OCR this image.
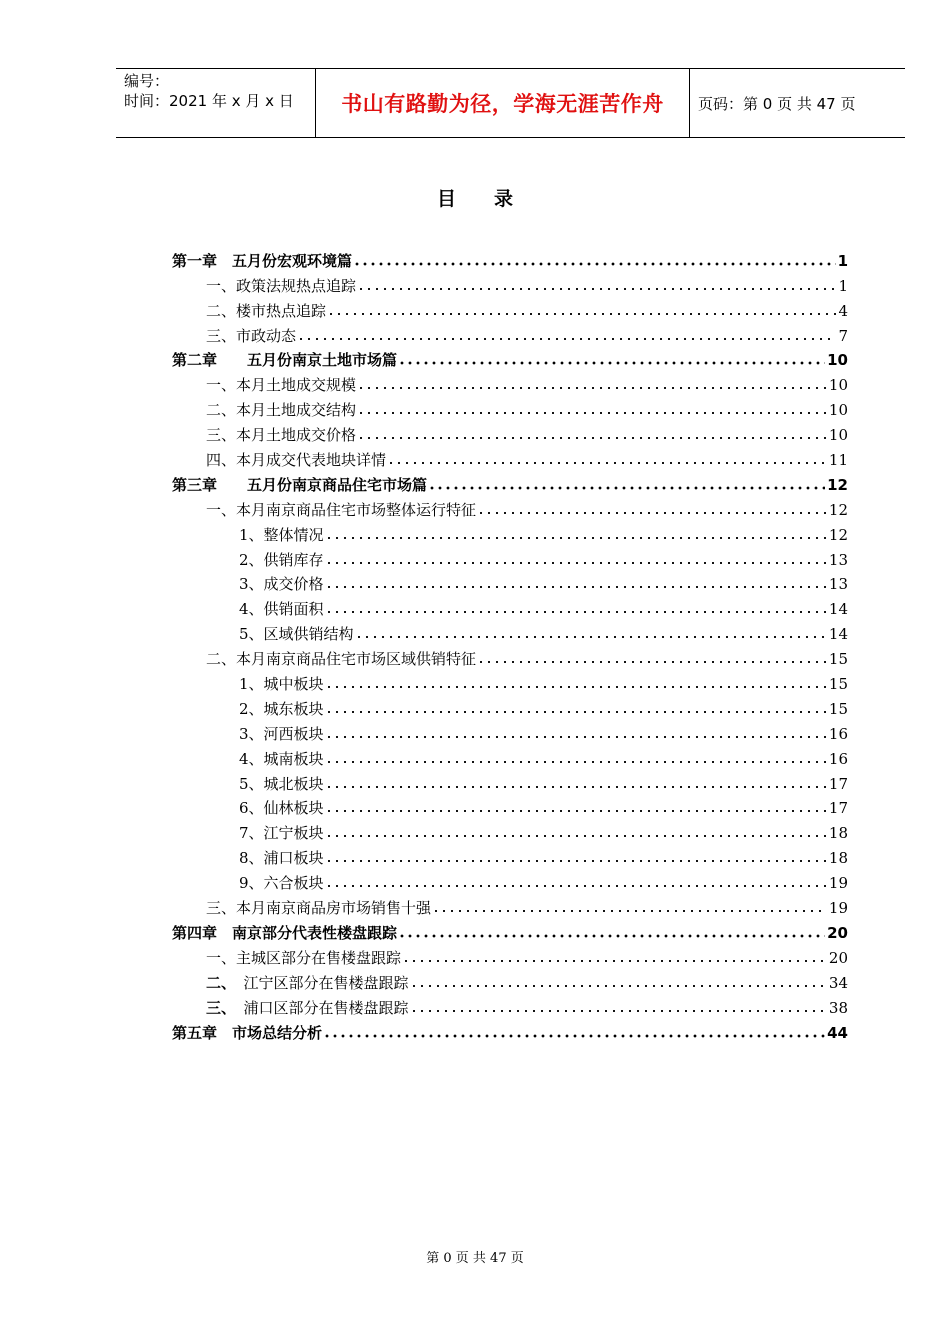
编号：
时间：2021 年 x 月 x 日	书山有路勤为径，学海无涯苦作舟	页码：第 0 页 共 47 页
目 录
第一章　五月份宏观环境篇	1
一、政策法规热点追踪	1
二、楼市热点追踪	4
三、市政动态	7
第二章　　五月份南京土地市场篇	10
一、本月土地成交规模	10
二、本月土地成交结构	10
三、本月土地成交价格	10
四、本月成交代表地块详情	11
第三章　　五月份南京商品住宅市场篇	12
一、本月南京商品住宅市场整体运行特征	12
1、整体情况	12
2、供销库存	13
3、成交价格	13
4、供销面积	14
5、区域供销结构	14
二、本月南京商品住宅市场区域供销特征	15
1、城中板块	15
2、城东板块	15
3、河西板块	16
4、城南板块	16
5、城北板块	17
6、仙林板块	17
7、江宁板块	18
8、浦口板块	18
9、六合板块	19
三、本月南京商品房市场销售十强	19
第四章　南京部分代表性楼盘跟踪	20
一、主城区部分在售楼盘跟踪	20
二、　江宁区部分在售楼盘跟踪	34
三、　浦口区部分在售楼盘跟踪	38
第五章　市场总结分析	44
第 0 页 共 47 页
